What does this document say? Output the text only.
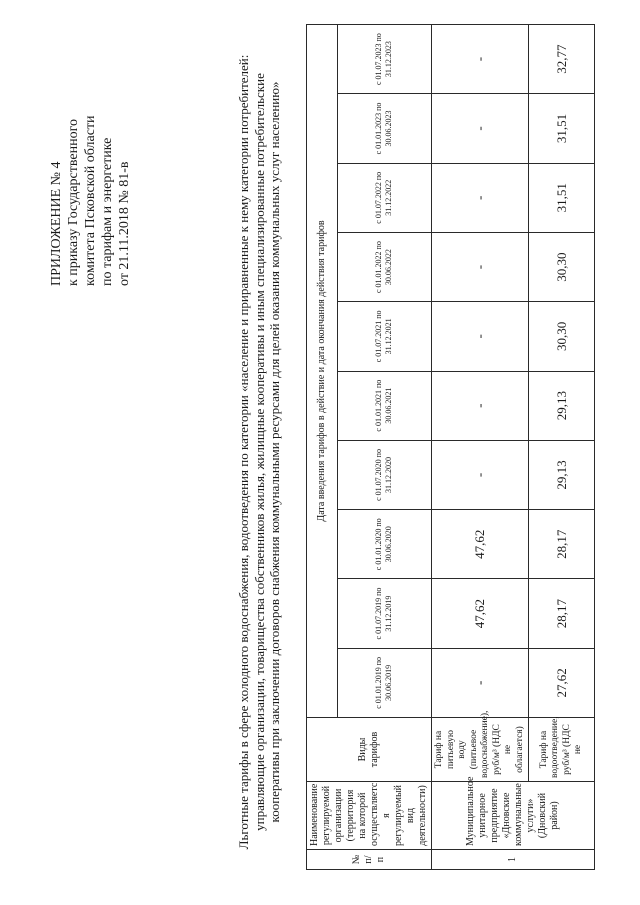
ПРИЛОЖЕНИЕ № 4 к приказу Государственного комитета Псковской области по тарифам и энергетике от 21.11.2018 № 81-в	Льготные тарифы в сфере холодного водоснабжения, водоотведения по категории «население и приравненные к нему категории потребителей: управляющие организации, товарищества собственников жилья, жилищные кооперативы и иным специализированные потребительские кооперативы при заключении договоров снабжения коммунальными ресурсами для целей оказания коммунальных услуг населению»
№ п/п	Наименование регулируемой организации (территория на которой осуществляетс я регулируемый вид деятельности)	Виды тарифов	Дата введения тарифов в действие и дата окончания действия тарифов									
			с 01.01.2019 по 30.06.2019	с 01.07.2019 по 31.12.2019	с 01.01.2020 по 30.06.2020	с 01.07.2020 по 31.12.2020	с 01.01.2021 по 30.06.2021	с 01.07.2021 по 31.12.2021	с 01.01.2022 по 30.06.2022	с 01.07.2022 по 31.12.2022	с 01.01.2023 по 30.06.2023	с 01.07.2023 по 31.12.2023
1	Муниципальное унитарное предприятие «Дновские коммунальные услуги» (Дновский район)	Тариф на питьевую воду (питьевое водоснабжение), руб/м³ (НДС не облагается)	-	47,62	47,62	-	-	-	-	-	-	-
		Тариф на водоотведение, руб/м³ (НДС не	27,62	28,17	28,17	29,13	29,13	30,30	30,30	31,51	31,51	32,77
